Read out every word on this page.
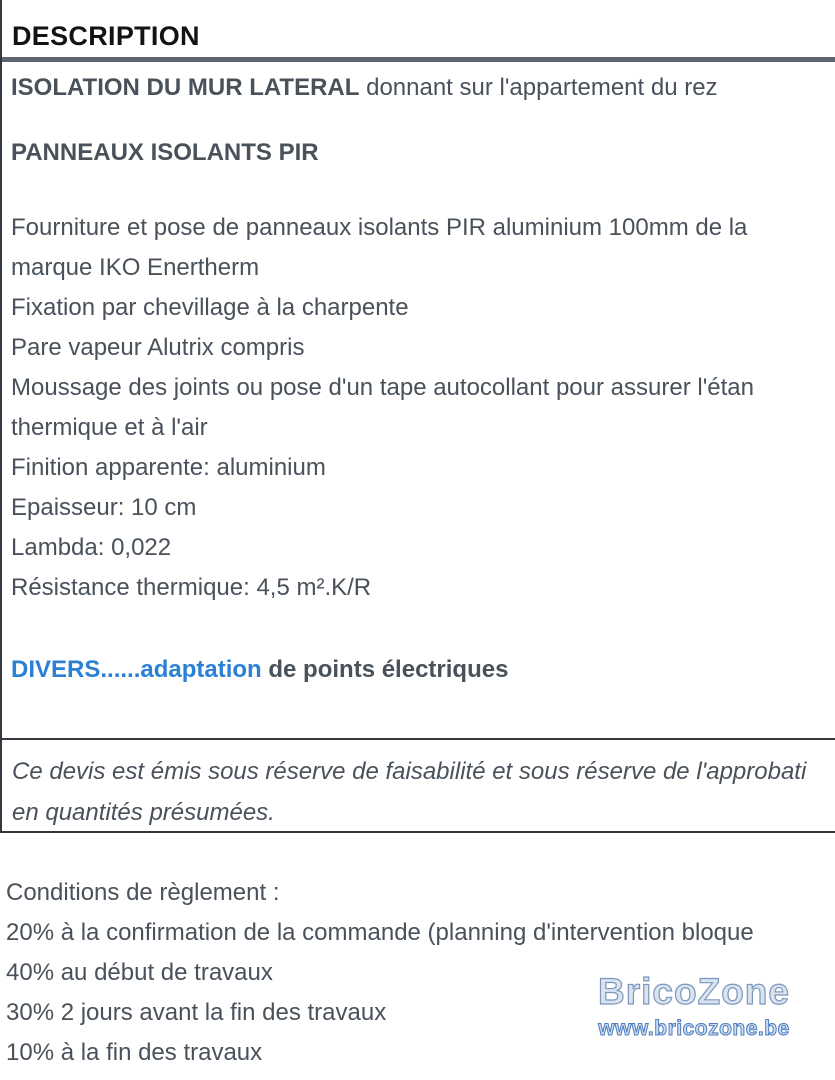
DESCRIPTION

ISOLATION DU MUR LATERAL donnant sur l'appartement du rez

PANNEAUX ISOLANTS PIR

Fourniture et pose de panneaux isolants PIR aluminium 100mm de la
marque IKO Enertherm
Fixation par chevillage à la charpente
Pare vapeur Alutrix compris
Moussage des joints ou pose d'un tape autocollant pour assurer l'étan
thermique et à l'air
Finition apparente: aluminium
Epaisseur: 10 cm
Lambda: 0,022
Résistance thermique: 4,5 m².K/R

DIVERS......adaptation de points électriques

Ce devis est émis sous réserve de faisabilité et sous réserve de l'approbati
en quantités présumées.
Conditions de règlement :
20% à la confirmation de la commande (planning d'intervention bloque
40% au début de travaux
30% 2 jours avant la fin des travaux
10% à la fin des travaux
BricoZone
www.bricozone.be
